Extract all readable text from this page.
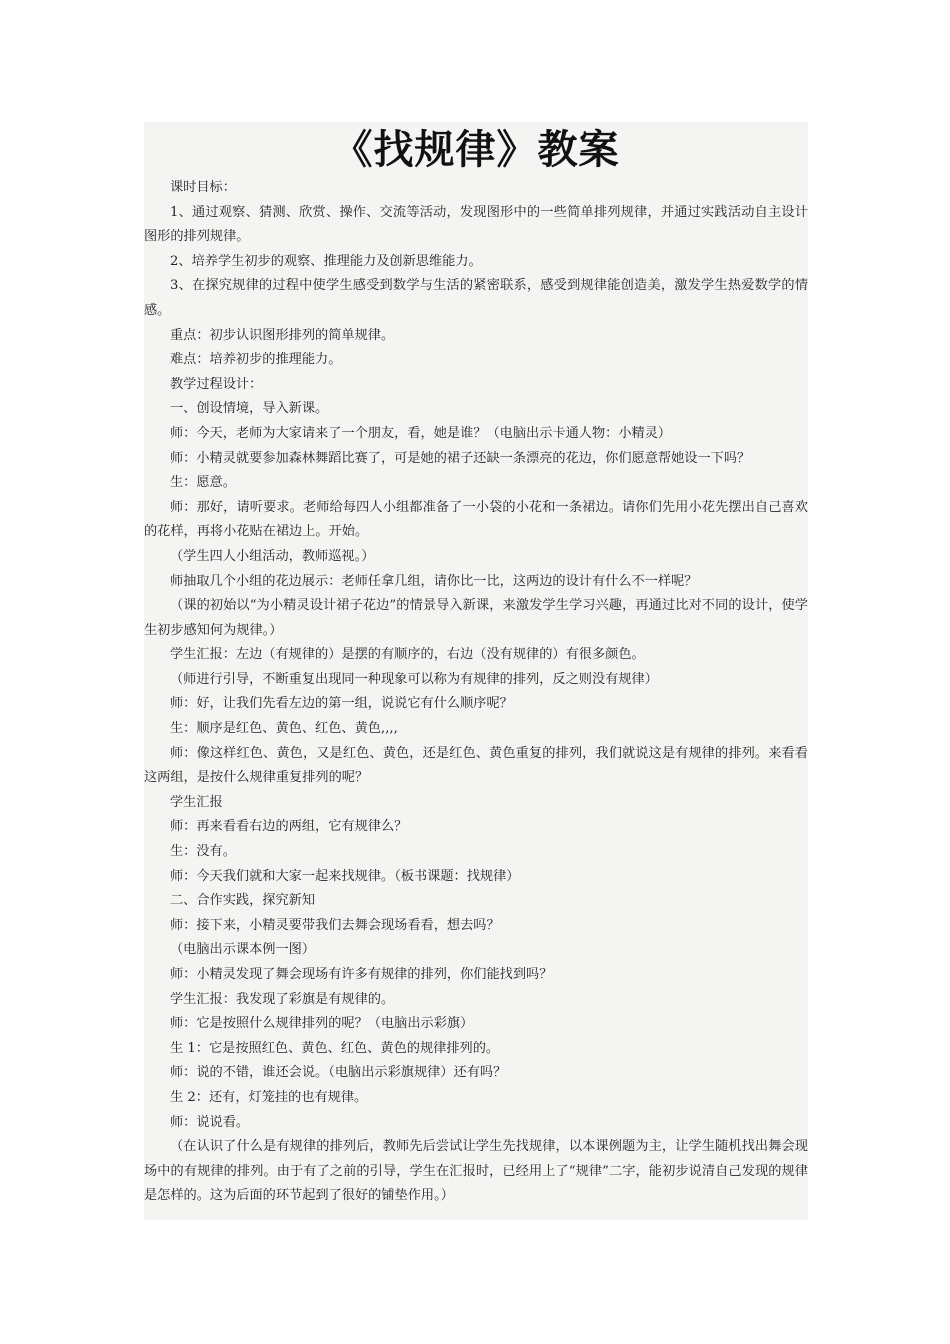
《找规律》教案

课时目标：

1、通过观察、猜测、欣赏、操作、交流等活动，发现图形中的一些简单排列规律，并通过实践活动自主设计图形的排列规律。

2、培养学生初步的观察、推理能力及创新思维能力。

3、在探究规律的过程中使学生感受到数学与生活的紧密联系，感受到规律能创造美，激发学生热爱数学的情感。

重点：初步认识图形排列的简单规律。

难点：培养初步的推理能力。

教学过程设计：

一、创设情境，导入新课。

师：今天，老师为大家请来了一个朋友，看，她是谁？（电脑出示卡通人物：小精灵）

师：小精灵就要参加森林舞蹈比赛了，可是她的裙子还缺一条漂亮的花边，你们愿意帮她设一下吗？

生：愿意。

师：那好，请听要求。老师给每四人小组都准备了一小袋的小花和一条裙边。请你们先用小花先摆出自己喜欢的花样，再将小花贴在裙边上。开始。

（学生四人小组活动，教师巡视。）

师抽取几个小组的花边展示：老师任拿几组，请你比一比，这两边的设计有什么不一样呢？

（课的初始以“为小精灵设计裙子花边”的情景导入新课，来激发学生学习兴趣，再通过比对不同的设计，使学生初步感知何为规律。）

学生汇报：左边（有规律的）是摆的有顺序的，右边（没有规律的）有很多颜色。

（师进行引导，不断重复出现同一种现象可以称为有规律的排列，反之则没有规律）

师：好，让我们先看左边的第一组，说说它有什么顺序呢？

生：顺序是红色、黄色、红色、黄色,,,,

师：像这样红色、黄色，又是红色、黄色，还是红色、黄色重复的排列，我们就说这是有规律的排列。来看看这两组，是按什么规律重复排列的呢？

学生汇报

师：再来看看右边的两组，它有规律么？

生：没有。

师：今天我们就和大家一起来找规律。（板书课题：找规律）

二、合作实践，探究新知

师：接下来，小精灵要带我们去舞会现场看看，想去吗？

（电脑出示课本例一图）

师：小精灵发现了舞会现场有许多有规律的排列，你们能找到吗？

学生汇报：我发现了彩旗是有规律的。

师：它是按照什么规律排列的呢？（电脑出示彩旗）

生 1：它是按照红色、黄色、红色、黄色的规律排列的。

师：说的不错，谁还会说。（电脑出示彩旗规律）还有吗？

生 2：还有，灯笼挂的也有规律。

师：说说看。

（在认识了什么是有规律的排列后，教师先后尝试让学生先找规律，以本课例题为主，让学生随机找出舞会现场中的有规律的排列。由于有了之前的引导，学生在汇报时，已经用上了“规律”二字，能初步说清自己发现的规律是怎样的。这为后面的环节起到了很好的铺垫作用。）
